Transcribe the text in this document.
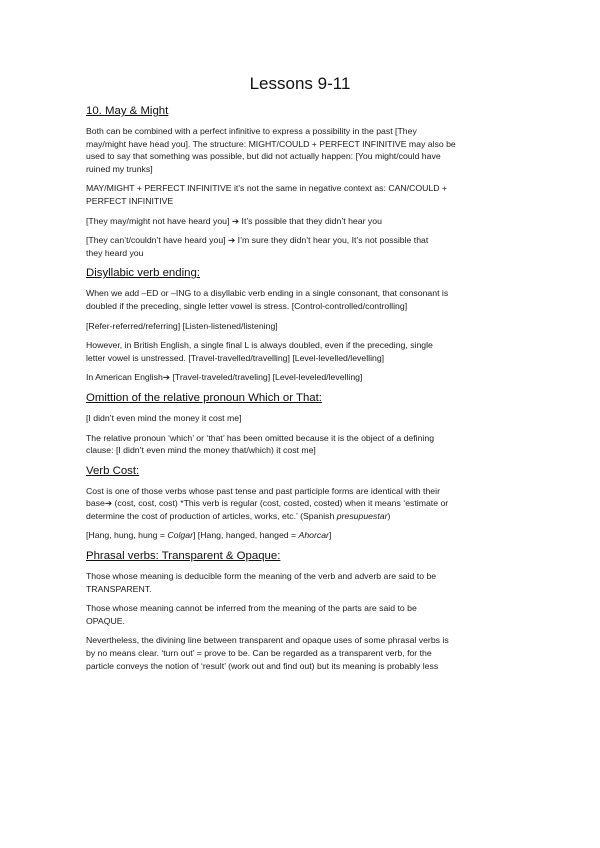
Lessons 9-11
10. May & Might
Both can be combined with a perfect infinitive to express a possibility in the past [They
may/might have head you]. The structure: MIGHT/COULD + PERFECT INFINITIVE may also be
used to say that something was possible, but did not actually happen: [You might/could have
ruined my trunks]
MAY/MIGHT + PERFECT INFINITIVE it’s not the same in negative context as: CAN/COULD +
PERFECT INFINITIVE
[They may/might not have heard you] ➔ It’s possible that they didn’t hear you
[They can’t/couldn’t have heard you] ➔ I’m sure they didn’t hear you, It’s not possible that
they heard you
Disyllabic verb ending:
When we add –ED or –ING to a disyllabic verb ending in a single consonant, that consonant is
doubled if the preceding, single letter vowel is stress. [Control-controlled/controlling]
[Refer-referred/referring] [Listen-listened/listening]
However, in British English, a single final L is always doubled, even if the preceding, single
letter vowel is unstressed. [Travel-travelled/travelling] [Level-levelled/levelling]
In American English➔ [Travel-traveled/traveling] [Level-leveled/levelling]
Omittion of the relative pronoun Which or That:
[I didn’t even mind the money it cost me]
The relative pronoun ‘which’ or ‘that’ has been omitted because it is the object of a defining
clause: [I didn’t even mind the money that/which) it cost me]
Verb Cost:
Cost is one of those verbs whose past tense and past participle forms are identical with their
base➔ (cost, cost, cost) *This verb is regular (cost, costed, costed) when it means ‘estimate or
determine the cost of production of articles, works, etc.’ (Spanish presupuestar)
[Hang, hung, hung = Colgar] [Hang, hanged, hanged = Ahorcar]
Phrasal verbs: Transparent & Opaque:
Those whose meaning is deducible form the meaning of the verb and adverb are said to be
TRANSPARENT.
Those whose meaning cannot be inferred from the meaning of the parts are said to be
OPAQUE.
Nevertheless, the divining line between transparent and opaque uses of some phrasal verbs is
by no means clear. ‘turn out’ = prove to be. Can be regarded as a transparent verb, for the
particle conveys the notion of ‘result’ (work out and find out) but its meaning is probably less
